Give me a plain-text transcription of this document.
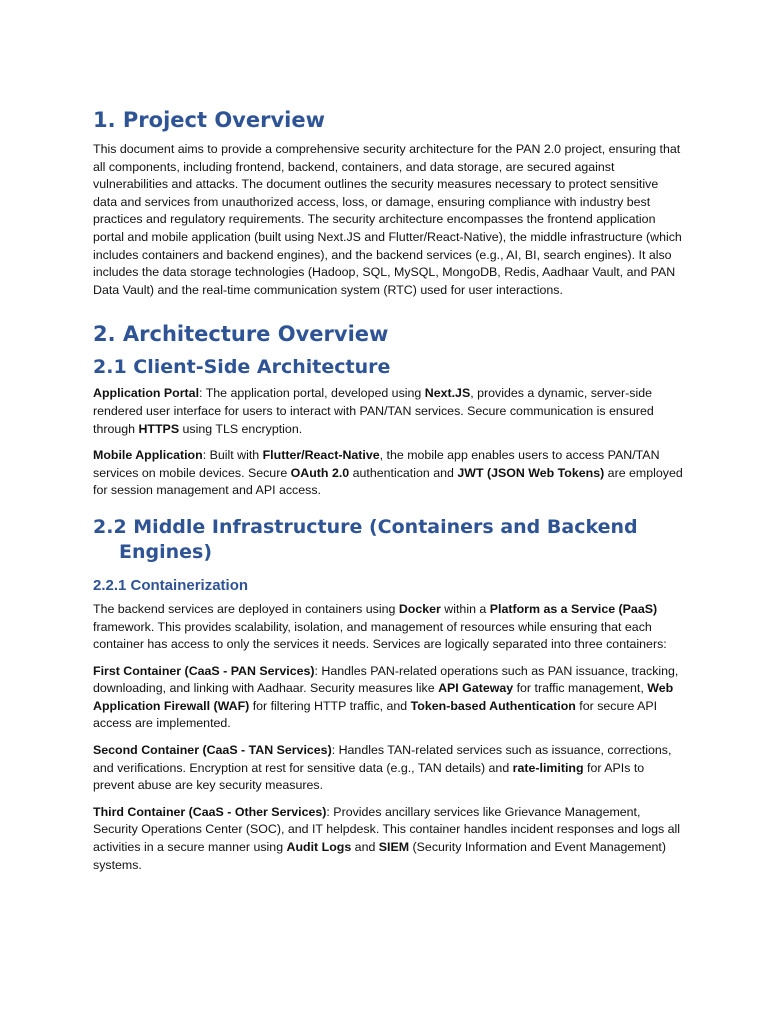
1. Project Overview

This document aims to provide a comprehensive security architecture for the PAN 2.0 project, ensuring that all components, including frontend, backend, containers, and data storage, are secured against vulnerabilities and attacks. The document outlines the security measures necessary to protect sensitive data and services from unauthorized access, loss, or damage, ensuring compliance with industry best practices and regulatory requirements. The security architecture encompasses the frontend application portal and mobile application (built using Next.JS and Flutter/React-Native), the middle infrastructure (which includes containers and backend engines), and the backend services (e.g., AI, BI, search engines). It also includes the data storage technologies (Hadoop, SQL, MySQL, MongoDB, Redis, Aadhaar Vault, and PAN Data Vault) and the real-time communication system (RTC) used for user interactions.

2. Architecture Overview
2.1 Client-Side Architecture

Application Portal: The application portal, developed using Next.JS, provides a dynamic, server-side rendered user interface for users to interact with PAN/TAN services. Secure communication is ensured through HTTPS using TLS encryption.

Mobile Application: Built with Flutter/React-Native, the mobile app enables users to access PAN/TAN services on mobile devices. Secure OAuth 2.0 authentication and JWT (JSON Web Tokens) are employed for session management and API access.

2.2 Middle Infrastructure (Containers and Backend Engines)
2.2.1 Containerization

The backend services are deployed in containers using Docker within a Platform as a Service (PaaS) framework. This provides scalability, isolation, and management of resources while ensuring that each container has access to only the services it needs. Services are logically separated into three containers:

First Container (CaaS - PAN Services): Handles PAN-related operations such as PAN issuance, tracking, downloading, and linking with Aadhaar. Security measures like API Gateway for traffic management, Web Application Firewall (WAF) for filtering HTTP traffic, and Token-based Authentication for secure API access are implemented.

Second Container (CaaS - TAN Services): Handles TAN-related services such as issuance, corrections, and verifications. Encryption at rest for sensitive data (e.g., TAN details) and rate-limiting for APIs to prevent abuse are key security measures.

Third Container (CaaS - Other Services): Provides ancillary services like Grievance Management, Security Operations Center (SOC), and IT helpdesk. This container handles incident responses and logs all activities in a secure manner using Audit Logs and SIEM (Security Information and Event Management) systems.
